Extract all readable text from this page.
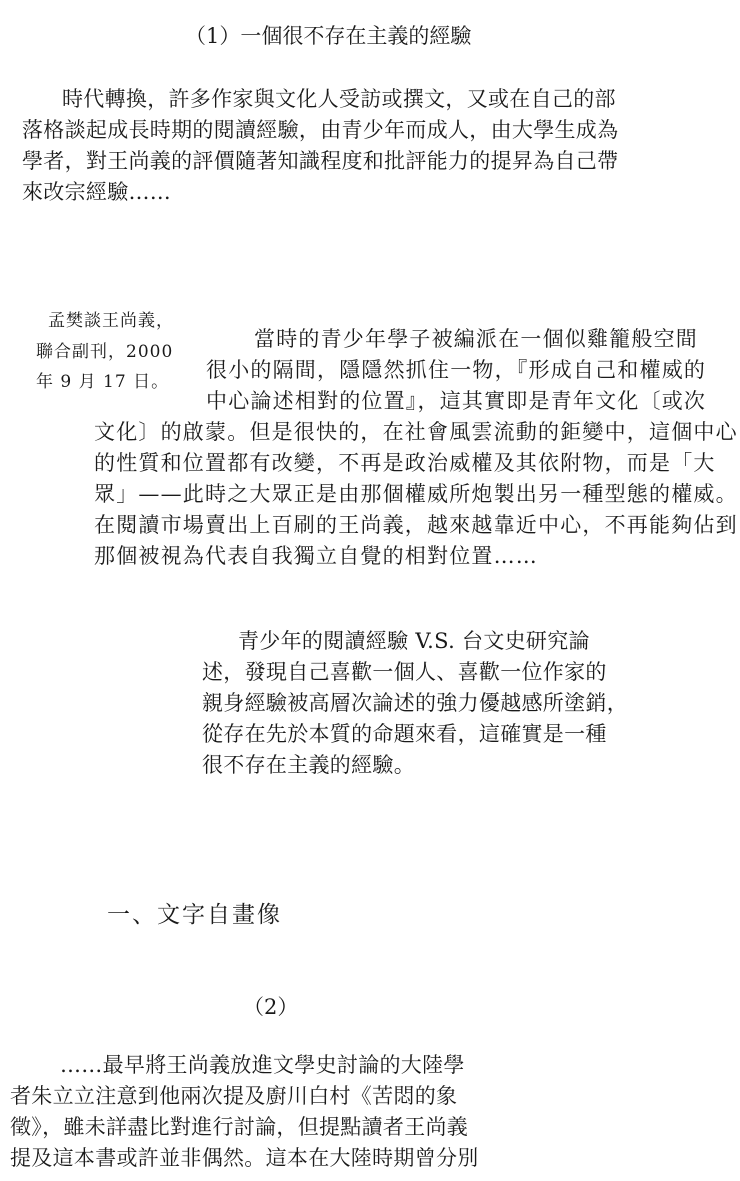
（1）一個很不存在主義的經驗
時代轉換，許多作家與文化人受訪或撰文，又或在自己的部
落格談起成長時期的閱讀經驗，由青少年而成人，由大學生成為
學者，對王尚義的評價隨著知識程度和批評能力的提昇為自己帶
來改宗經驗……
孟樊談王尚義，
聯合副刊，2000
年 9 月 17 日。
當時的青少年學子被編派在一個似雞籠般空間
很小的隔間，隱隱然抓住一物，『形成自己和權威的
中心論述相對的位置』，這其實即是青年文化〔或次
文化〕的啟蒙。但是很快的，在社會風雲流動的鉅變中，這個中心
的性質和位置都有改變，不再是政治威權及其依附物，而是「大
眾」——此時之大眾正是由那個權威所炮製出另一種型態的權威。
在閱讀市場賣出上百刷的王尚義，越來越靠近中心，不再能夠佔到
那個被視為代表自我獨立自覺的相對位置……
青少年的閱讀經驗 V.S. 台文史研究論
述，發現自己喜歡一個人、喜歡一位作家的
親身經驗被高層次論述的強力優越感所塗銷，
從存在先於本質的命題來看，這確實是一種
很不存在主義的經驗。
一、文字自畫像
（2）
……最早將王尚義放進文學史討論的大陸學
者朱立立注意到他兩次提及廚川白村《苦悶的象
徵》，雖未詳盡比對進行討論，但提點讀者王尚義
提及這本書或許並非偶然。這本在大陸時期曾分別
